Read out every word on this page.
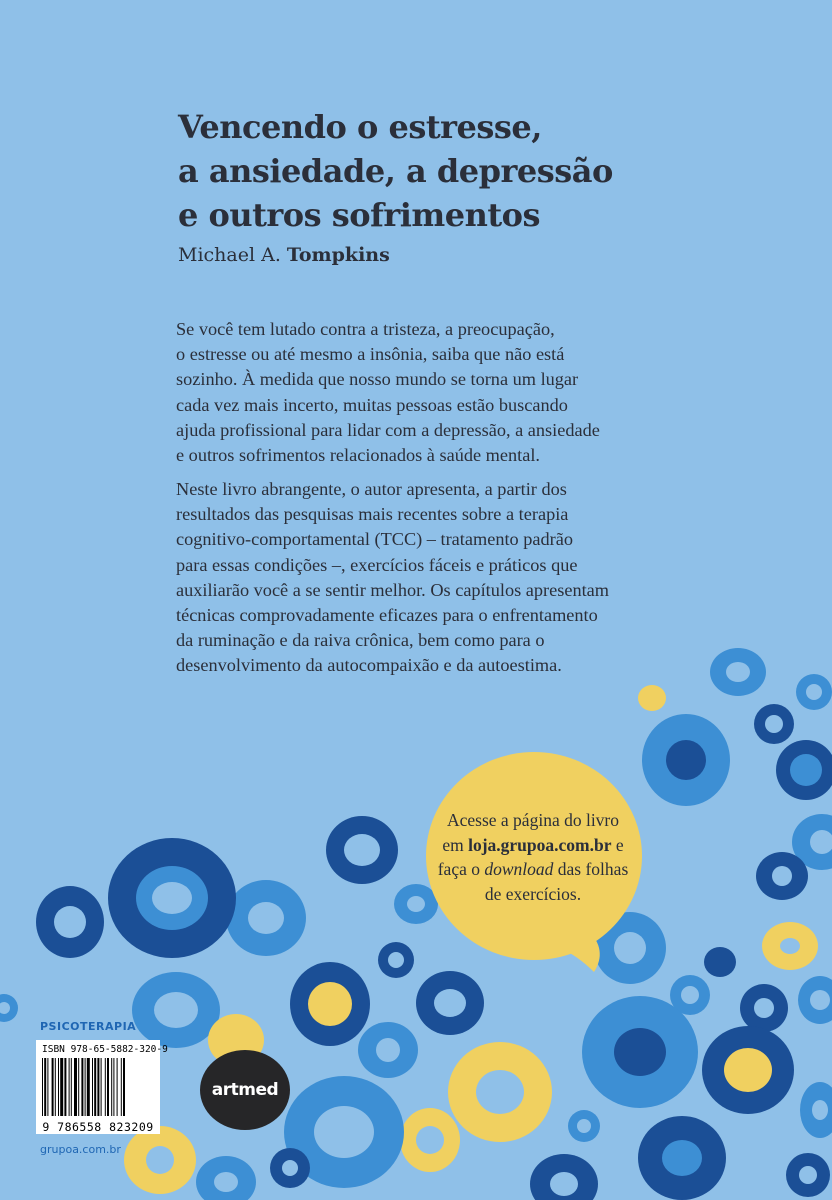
Vencendo o estresse,
a ansiedade, a depressão
e outros sofrimentos
Michael A. Tompkins

Se você tem lutado contra a tristeza, a preocupação,
o estresse ou até mesmo a insônia, saiba que não está
sozinho. À medida que nosso mundo se torna um lugar
cada vez mais incerto, muitas pessoas estão buscando
ajuda profissional para lidar com a depressão, a ansiedade
e outros sofrimentos relacionados à saúde mental.

Neste livro abrangente, o autor apresenta, a partir dos
resultados das pesquisas mais recentes sobre a terapia
cognitivo-comportamental (TCC) – tratamento padrão
para essas condições –, exercícios fáceis e práticos que
auxiliarão você a se sentir melhor. Os capítulos apresentam
técnicas comprovadamente eficazes para o enfrentamento
da ruminação e da raiva crônica, bem como para o
desenvolvimento da autocompaixão e da autoestima.

Acesse a página do livro
em loja.grupoa.com.br e
faça o download das folhas
de exercícios.
PSICOTERAPIA
ISBN 978-65-5882-320-9
9 786558 823209
artmed
grupoa.com.br
